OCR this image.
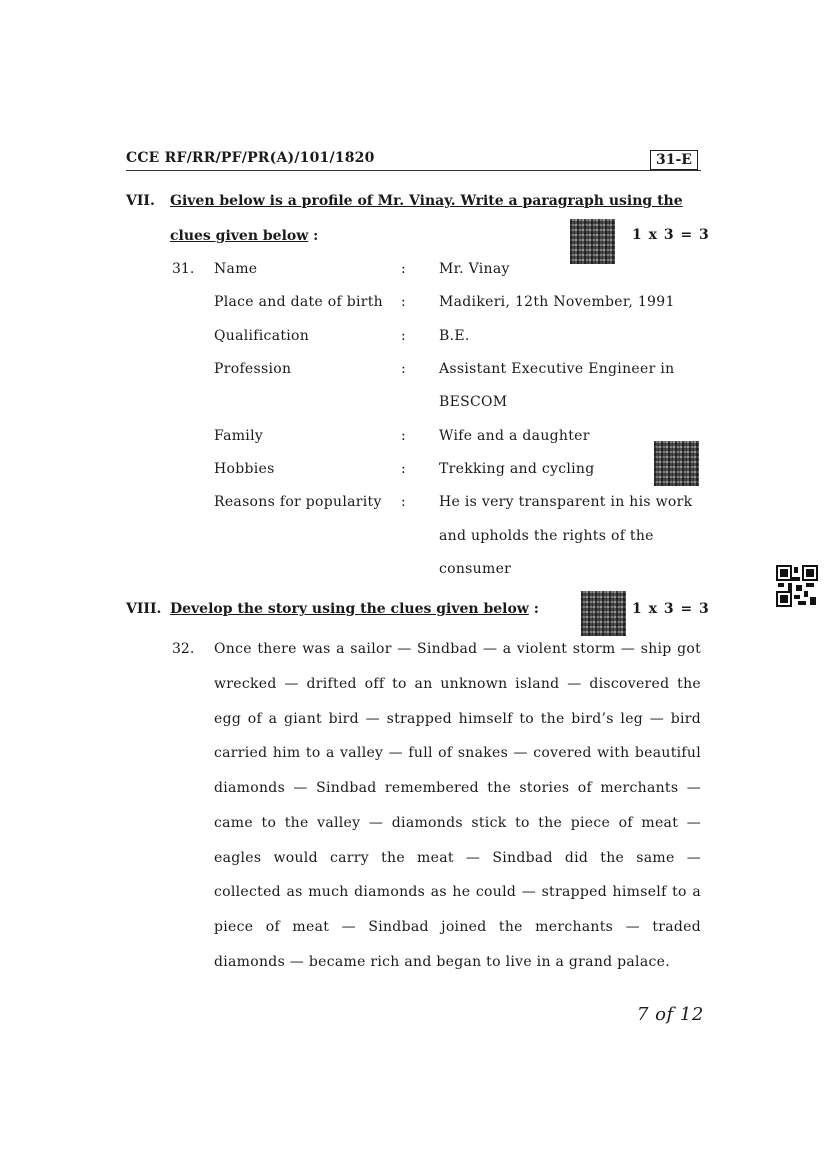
CCE RF/RR/PF/PR(A)/101/1820	31-E
VII. Given below is a profile of Mr. Vinay. Write a paragraph using the
clues given below :	1 x 3 = 3
31. Name	: Mr. Vinay
Place and date of birth : Madikeri, 12th November, 1991
Qualification	: B.E.
Profession	: Assistant Executive Engineer in
BESCOM
Family	: Wife and a daughter
Hobbies	: Trekking and cycling
Reasons for popularity : He is very transparent in his work
and upholds the rights of the
consumer
VIII. Develop the story using the clues given below :	1 x 3 = 3
32. Once there was a sailor — Sindbad — a violent storm — ship got

wrecked — drifted off to an unknown island — discovered the

egg of a giant bird — strapped himself to the bird’s leg — bird

carried him to a valley — full of snakes — covered with beautiful

diamonds — Sindbad remembered the stories of merchants —

came to the valley — diamonds stick to the piece of meat —

eagles would carry the meat — Sindbad did the same —

collected as much diamonds as he could — strapped himself to a

piece of meat — Sindbad joined the merchants — traded

diamonds — became rich and began to live in a grand palace.

7 of 12
